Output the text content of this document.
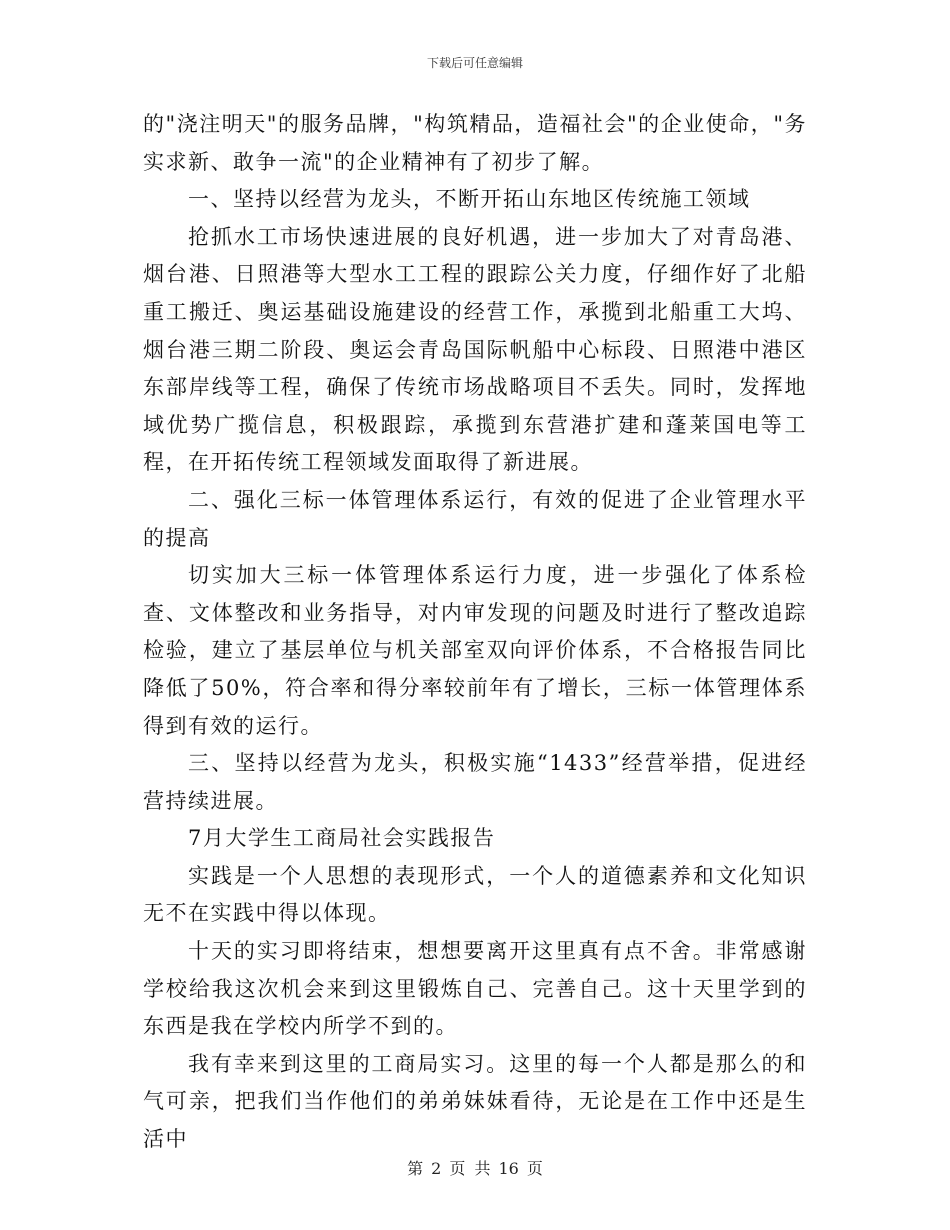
下载后可任意编辑

的"浇注明天"的服务品牌，"构筑精品，造福社会"的企业使命，"务实求新、敢争一流"的企业精神有了初步了解。

一、坚持以经营为龙头，不断开拓山东地区传统施工领域

抢抓水工市场快速进展的良好机遇，进一步加大了对青岛港、烟台港、日照港等大型水工工程的跟踪公关力度，仔细作好了北船重工搬迁、奥运基础设施建设的经营工作，承揽到北船重工大坞、烟台港三期二阶段、奥运会青岛国际帆船中心标段、日照港中港区东部岸线等工程，确保了传统市场战略项目不丢失。同时，发挥地域优势广揽信息，积极跟踪，承揽到东营港扩建和蓬莱国电等工程，在开拓传统工程领域发面取得了新进展。

二、强化三标一体管理体系运行，有效的促进了企业管理水平的提高

切实加大三标一体管理体系运行力度，进一步强化了体系检查、文体整改和业务指导，对内审发现的问题及时进行了整改追踪检验，建立了基层单位与机关部室双向评价体系，不合格报告同比降低了50%，符合率和得分率较前年有了增长，三标一体管理体系得到有效的运行。

三、坚持以经营为龙头，积极实施“1433”经营举措，促进经营持续进展。

7月大学生工商局社会实践报告

实践是一个人思想的表现形式，一个人的道德素养和文化知识无不在实践中得以体现。

十天的实习即将结束，想想要离开这里真有点不舍。非常感谢学校给我这次机会来到这里锻炼自己、完善自己。这十天里学到的东西是我在学校内所学不到的。

我有幸来到这里的工商局实习。这里的每一个人都是那么的和气可亲，把我们当作他们的弟弟妹妹看待，无论是在工作中还是生活中

第 2 页 共 16 页
